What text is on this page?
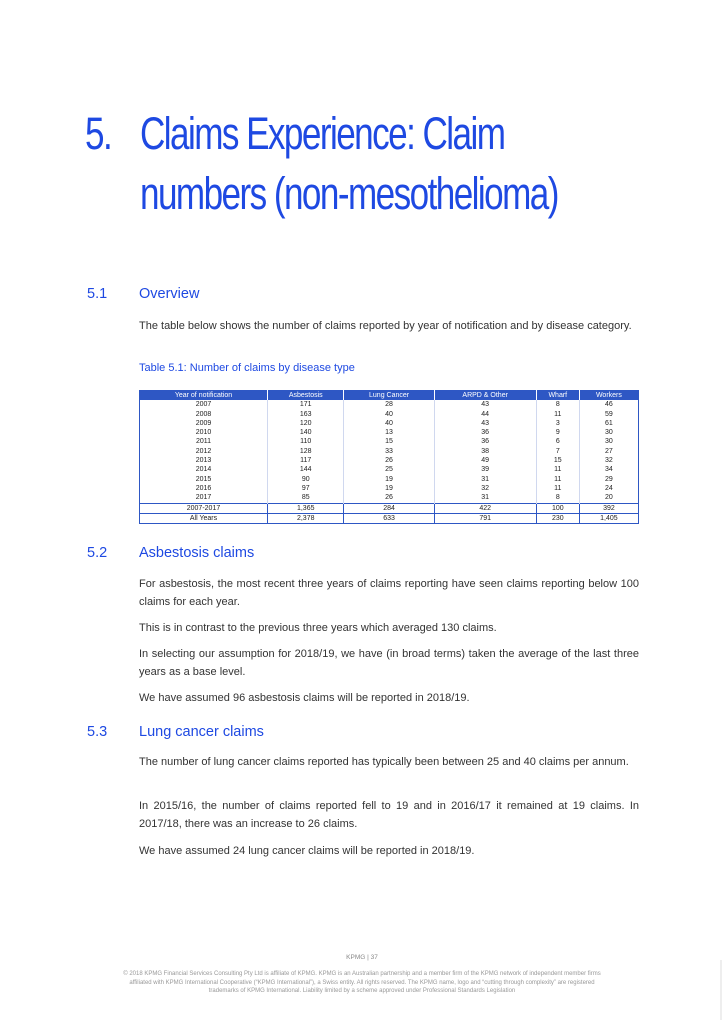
5. Claims Experience: Claim
numbers (non-mesothelioma)
5.1	Overview

The table below shows the number of claims reported by year of notification and by disease category.

Table 5.1: Number of claims by disease type
Year of notification	Asbestosis	Lung Cancer	ARPD & Other	Wharf	Workers
2007	171	28	43	8	46
2008	163	40	44	11	59
2009	120	40	43	3	61
2010	140	13	36	9	30
2011	110	15	36	6	30
2012	128	33	38	7	27
2013	117	26	49	15	32
2014	144	25	39	11	34
2015	90	19	31	11	29
2016	97	19	32	11	24
2017	85	26	31	8	20
2007-2017	1,365	284	422	100	392
All Years	2,378	633	791	230	1,405
5.2	Asbestosis claims

For asbestosis, the most recent three years of claims reporting have seen claims reporting below 100 claims for each year.

This is in contrast to the previous three years which averaged 130 claims.

In selecting our assumption for 2018/19, we have (in broad terms) taken the average of the last three years as a base level.

We have assumed 96 asbestosis claims will be reported in 2018/19.

5.3	Lung cancer claims

The number of lung cancer claims reported has typically been between 25 and 40 claims per annum.

In 2015/16, the number of claims reported fell to 19 and in 2016/17 it remained at 19 claims. In 2017/18, there was an increase to 26 claims.

We have assumed 24 lung cancer claims will be reported in 2018/19.

KPMG | 37
© 2018 KPMG Financial Services Consulting Pty Ltd is affiliate of KPMG. KPMG is an Australian partnership and a member firm of the KPMG network of independent member firms
affiliated with KPMG International Cooperative (“KPMG International”), a Swiss entity. All rights reserved. The KPMG name, logo and “cutting through complexity” are registered
trademarks of KPMG International. Liability limited by a scheme approved under Professional Standards Legislation
